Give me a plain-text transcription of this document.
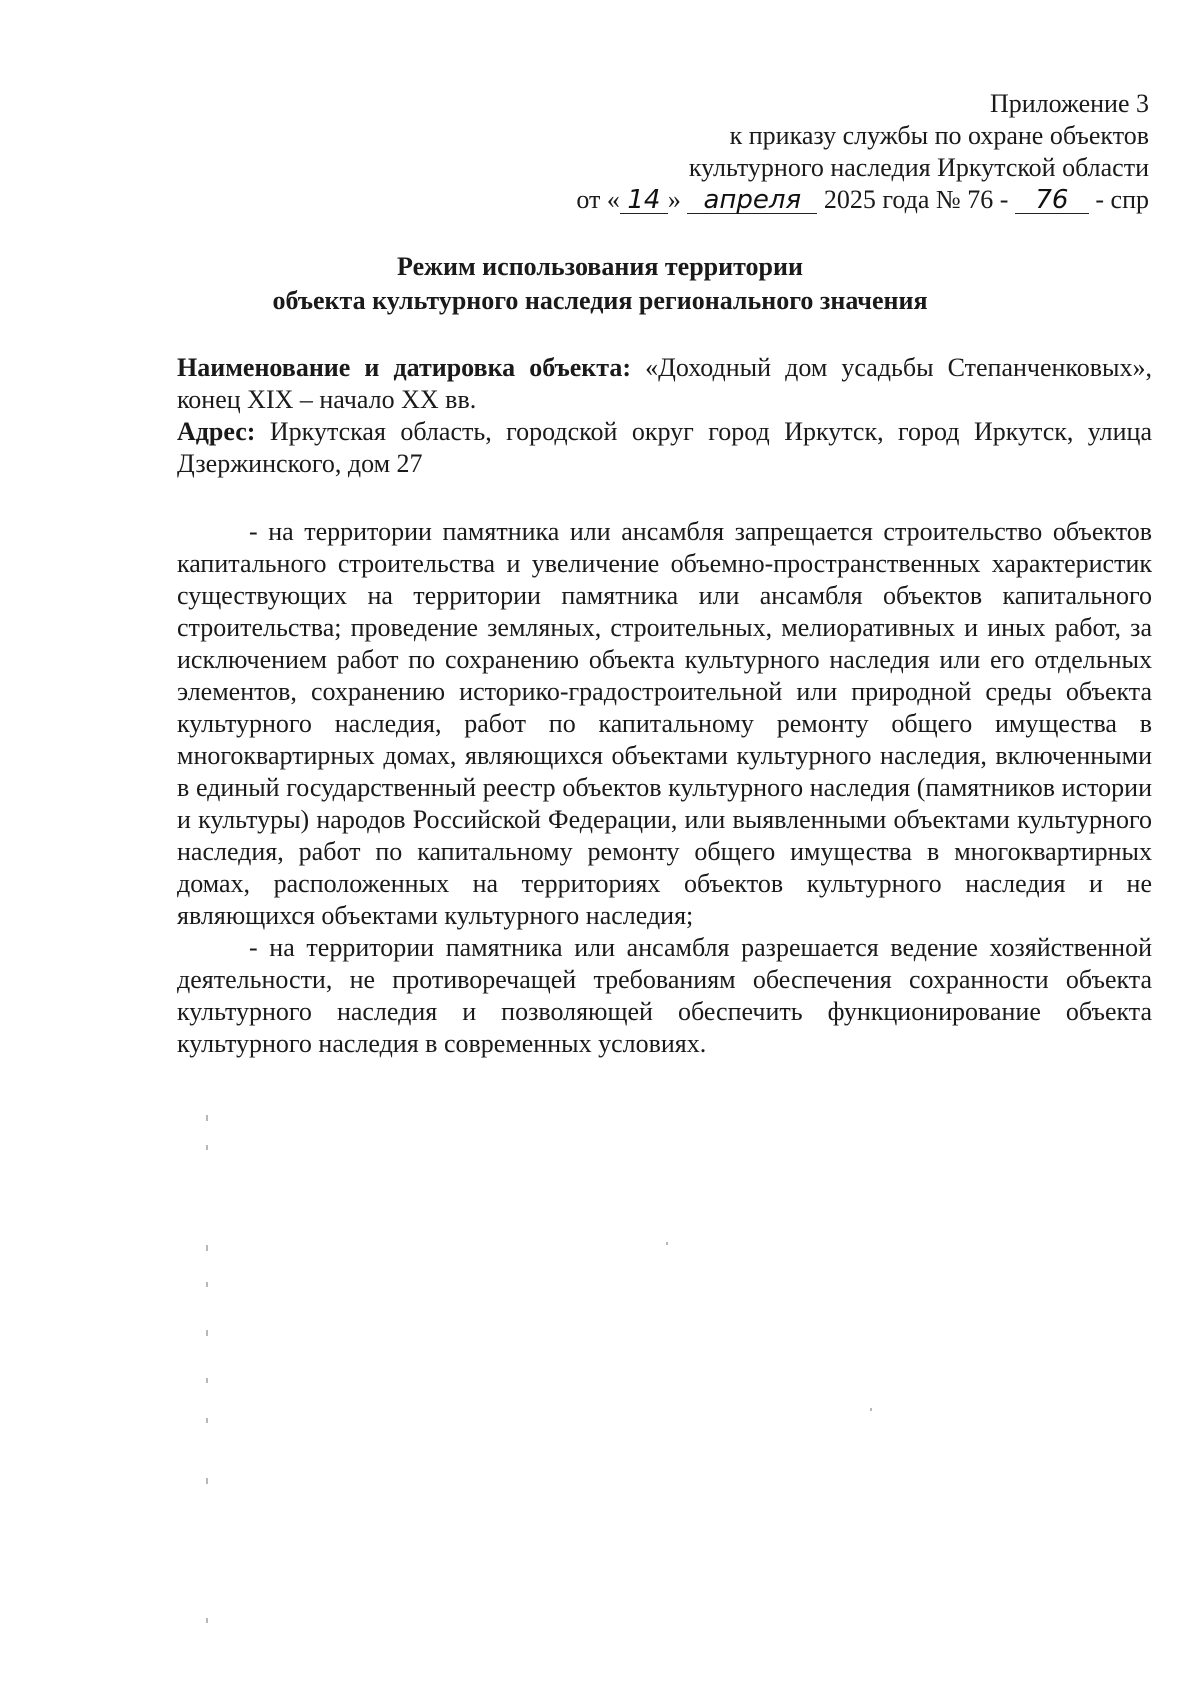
Приложение 3
к приказу службы по охране объектов
культурного наследия Иркутской области
от « 14 » апреля 2025 года № 76 - 76 - спр
Режим использования территории
объекта культурного наследия регионального значения

Наименование и датировка объекта: «Доходный дом усадьбы Степанченковых», конец XIX – начало XX вв.

Адрес: Иркутская область, городской округ город Иркутск, город Иркутск, улица Дзержинского, дом 27

- на территории памятника или ансамбля запрещается строительство объектов капитального строительства и увеличение объемно-пространственных характеристик существующих на территории памятника или ансамбля объектов капитального строительства; проведение земляных, строительных, мелиоративных и иных работ, за исключением работ по сохранению объекта культурного наследия или его отдельных элементов, сохранению историко-градостроительной или природной среды объекта культурного наследия, работ по капитальному ремонту общего имущества в многоквартирных домах, являющихся объектами культурного наследия, включенными в единый государственный реестр объектов культурного наследия (памятников истории и культуры) народов Российской Федерации, или выявленными объектами культурного наследия, работ по капитальному ремонту общего имущества в многоквартирных домах, расположенных на территориях объектов культурного наследия и не являющихся объектами культурного наследия;

- на территории памятника или ансамбля разрешается ведение хозяйственной деятельности, не противоречащей требованиям обеспечения сохранности объекта культурного наследия и позволяющей обеспечить функционирование объекта культурного наследия в современных условиях.
